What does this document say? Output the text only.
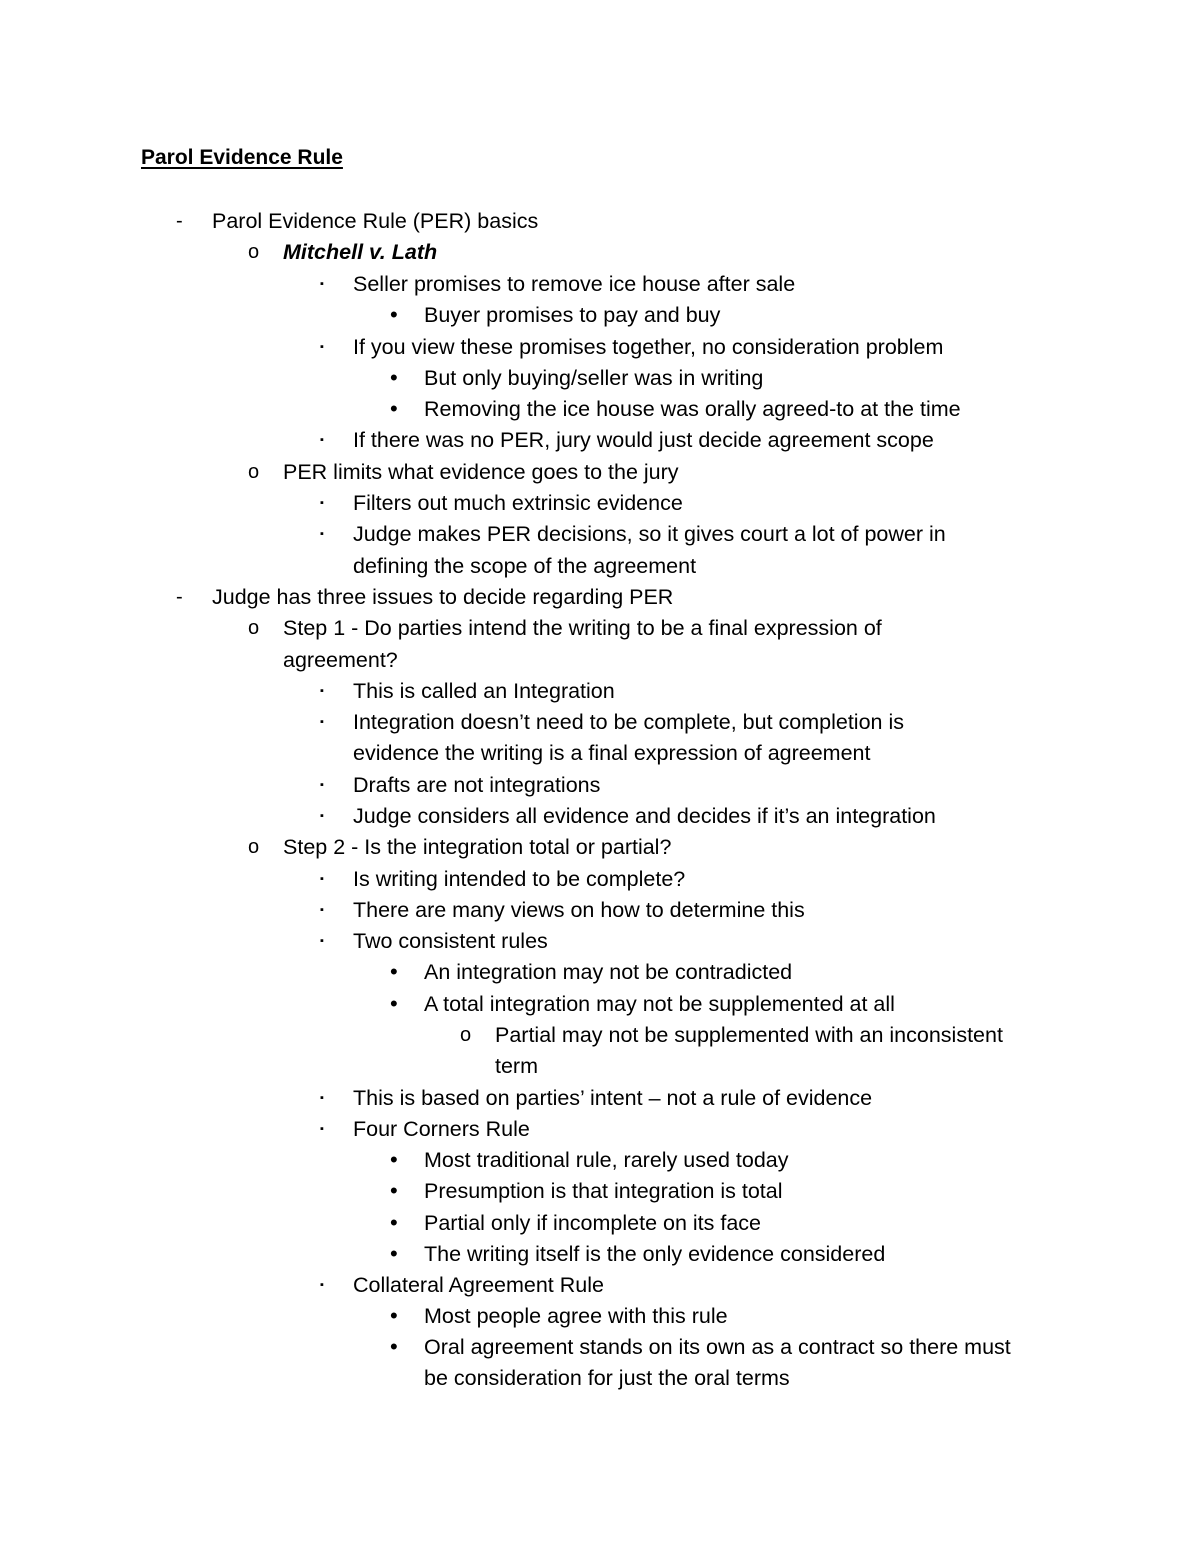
Parol Evidence Rule
- Parol Evidence Rule (PER) basics
o Mitchell v. Lath
▪ Seller promises to remove ice house after sale
• Buyer promises to pay and buy
▪ If you view these promises together, no consideration problem
• But only buying/seller was in writing
• Removing the ice house was orally agreed-to at the time
▪ If there was no PER, jury would just decide agreement scope
o PER limits what evidence goes to the jury
▪ Filters out much extrinsic evidence
▪ Judge makes PER decisions, so it gives court a lot of power in
defining the scope of the agreement
- Judge has three issues to decide regarding PER
o Step 1 - Do parties intend the writing to be a final expression of
agreement?
▪ This is called an Integration
▪ Integration doesn’t need to be complete, but completion is
evidence the writing is a final expression of agreement
▪ Drafts are not integrations
▪ Judge considers all evidence and decides if it’s an integration
o Step 2 - Is the integration total or partial?
▪ Is writing intended to be complete?
▪ There are many views on how to determine this
▪ Two consistent rules
• An integration may not be contradicted
• A total integration may not be supplemented at all
o Partial may not be supplemented with an inconsistent
term
▪ This is based on parties’ intent – not a rule of evidence
▪ Four Corners Rule
• Most traditional rule, rarely used today
• Presumption is that integration is total
• Partial only if incomplete on its face
• The writing itself is the only evidence considered
▪ Collateral Agreement Rule
• Most people agree with this rule
• Oral agreement stands on its own as a contract so there must
be consideration for just the oral terms
